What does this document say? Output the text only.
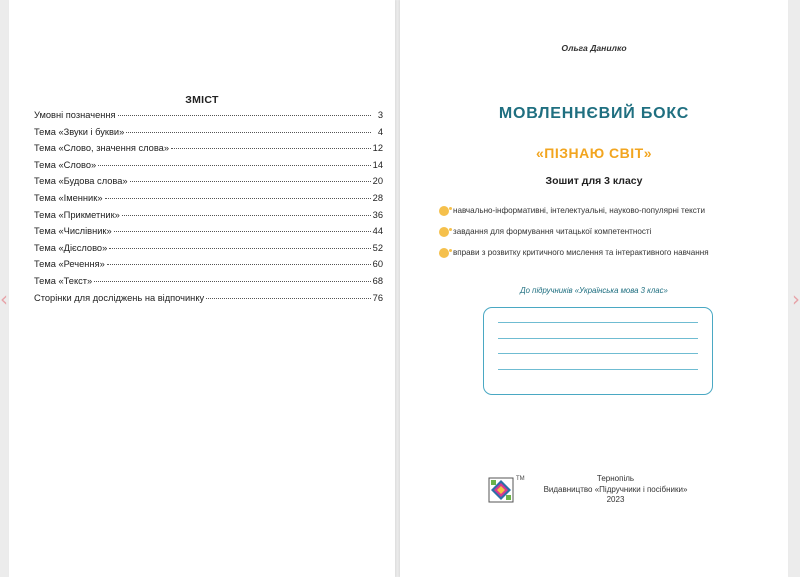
‹	›
ЗМІСТ
Умовні позначення	3
Тема «Звуки і букви»	4
Тема «Слово, значення слова»	12
Тема «Слово»	14
Тема «Будова слова»	20
Тема «Іменник»	28
Тема «Прикметник»	36
Тема «Числівник»	44
Тема «Дієслово»	52
Тема «Речення»	60
Тема «Текст»	68
Сторінки для досліджень на відпочинку	76
Ольга Данилко
МОВЛЕННЄВИЙ БОКС
«ПІЗНАЮ СВІТ»
Зошит для 3 класу
навчально-інформативні, інтелектуальні, науково-популярні тексти
завдання для формування читацької компетентності
вправи з розвитку критичного мислення та інтерактивного навчання
До підручників «Українська мова 3 клас»
ТМ	Тернопіль
Видавництво «Підручники і посібники»
2023
